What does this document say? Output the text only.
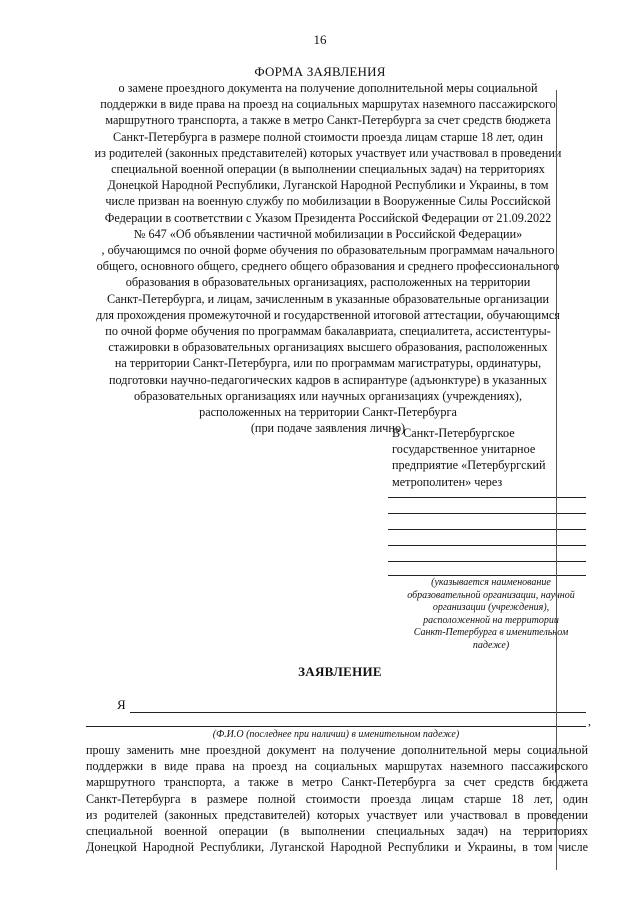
16
ФОРМА ЗАЯВЛЕНИЯ
о замене проездного документа на получение дополнительной меры социальной
поддержки в виде права на проезд на социальных маршрутах наземного пассажирского
маршрутного транспорта, а также в метро Санкт-Петербурга за счет средств бюджета
Санкт-Петербурга в размере полной стоимости проезда лицам старше 18 лет, один
из родителей (законных представителей) которых участвует или участвовал в проведении
специальной военной операции (в выполнении специальных задач) на территориях
Донецкой Народной Республики, Луганской Народной Республики и Украины, в том
числе призван на военную службу по мобилизации в Вооруженные Силы Российской
Федерации в соответствии с Указом Президента Российской Федерации от 21.09.2022
№ 647 «Об объявлении частичной мобилизации в Российской Федерации»
, обучающимся по очной форме обучения по образовательным программам начального
общего, основного общего, среднего общего образования и среднего профессионального
образования в образовательных организациях, расположенных на территории
Санкт-Петербурга, и лицам, зачисленным в указанные образовательные организации
для прохождения промежуточной и государственной итоговой аттестации, обучающимся
по очной форме обучения по программам бакалавриата, специалитета, ассистентуры-
стажировки в образовательных организациях высшего образования, расположенных
на территории Санкт-Петербурга, или по программам магистратуры, ординатуры,
подготовки научно-педагогических кадров в аспирантуре (адъюнктуре) в указанных
образовательных организациях или научных организациях (учреждениях),
расположенных на территории Санкт-Петербурга
(при подаче заявления лично)
В Санкт-Петербургское
государственное унитарное
предприятие «Петербургский
метрополитен» через
(указывается наименование
образовательной организации, научной
организации (учреждения),
расположенной на территории
Санкт-Петербурга в именительном
падеже)
ЗАЯВЛЕНИЕ
Я
,
(Ф.И.О (последнее при наличии) в именительном падеже)
прошу заменить мне проездной документ на получение дополнительной меры социальной
поддержки в виде права на проезд на социальных маршрутах наземного пассажирского
маршрутного транспорта, а также в метро Санкт-Петербурга за счет средств бюджета
Санкт-Петербурга в размере полной стоимости проезда лицам старше 18 лет, один
из родителей (законных представителей) которых участвует или участвовал в проведении
специальной военной операции (в выполнении специальных задач) на территориях
Донецкой Народной Республики, Луганской Народной Республики и Украины, в том числе
